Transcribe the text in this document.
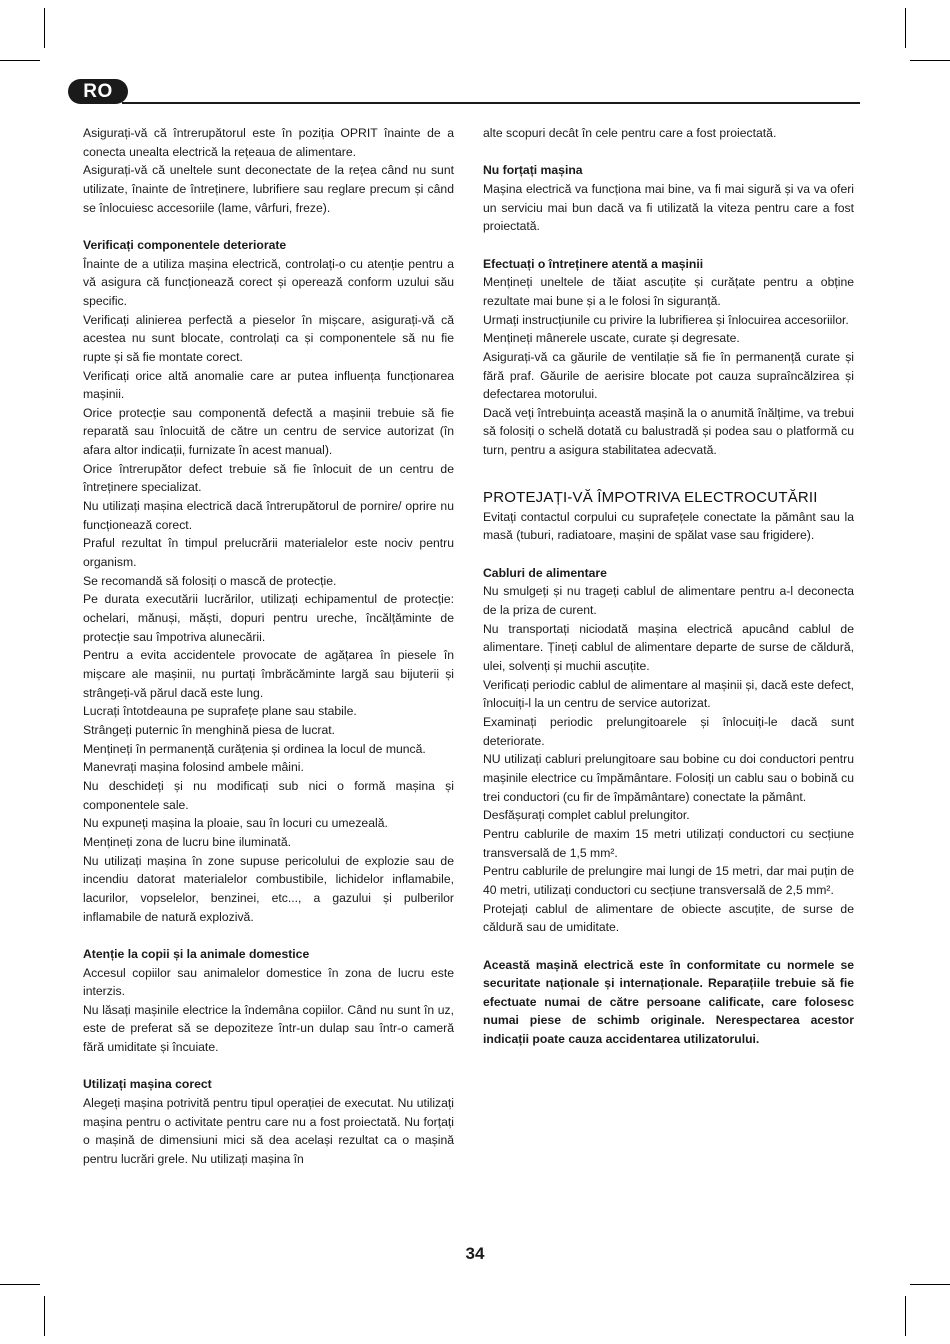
RO

Asigurați-vă că întrerupătorul este în poziția OPRIT înainte de a conecta unealta electrică la rețeaua de alimentare.

Asigurați-vă că uneltele sunt deconectate de la rețea când nu sunt utilizate, înainte de întreținere, lubrifiere sau reglare precum și când se înlocuiesc accesoriile (lame, vârfuri, freze).

Verificați componentele deteriorate

Înainte de a utiliza mașina electrică, controlați-o cu atenție pentru a vă asigura că funcționează corect și operează conform uzului său specific.

Verificați alinierea perfectă a pieselor în mișcare, asigurați-vă că acestea nu sunt blocate, controlați ca și componentele să nu fie rupte și să fie montate corect.

Verificați orice altă anomalie care ar putea influența funcționarea mașinii.

Orice protecție sau componentă defectă a mașinii trebuie să fie reparată sau înlocuită de către un centru de service autorizat (în afara altor indicații, furnizate în acest manual).

Orice întrerupător defect trebuie să fie înlocuit de un centru de întreținere specializat.

Nu utilizați mașina electrică dacă întrerupătorul de pornire/ oprire nu funcționează corect.

Praful rezultat în timpul prelucrării materialelor este nociv pentru organism.

Se recomandă să folosiți o mască de protecție.

Pe durata executării lucrărilor, utilizați echipamentul de protecție: ochelari, mănuși, măști, dopuri pentru ureche, încălțăminte de protecție sau împotriva alunecării.

Pentru a evita accidentele provocate de agățarea în piesele în mișcare ale mașinii, nu purtați îmbrăcăminte largă sau bijuterii și strângeți-vă părul dacă este lung.

Lucrați întotdeauna pe suprafețe plane sau stabile.

Strângeți puternic în menghină piesa de lucrat.

Mențineți în permanență curățenia și ordinea la locul de muncă.

Manevrați mașina folosind ambele mâini.

Nu deschideți și nu modificați sub nici o formă mașina și componentele sale.

Nu expuneți mașina la ploaie, sau în locuri cu umezeală.

Mențineți zona de lucru bine iluminată.

Nu utilizați mașina în zone supuse pericolului de explozie sau de incendiu datorat materialelor combustibile, lichidelor inflamabile, lacurilor, vopselelor, benzinei, etc..., a gazului și pulberilor inflamabile de natură explozivă.

Atenție la copii și la animale domestice

Accesul copiilor sau animalelor domestice în zona de lucru este interzis.

Nu lăsați mașinile electrice la îndemâna copiilor. Când nu sunt în uz, este de preferat să se depoziteze într-un dulap sau într-o cameră fără umiditate și încuiate.

Utilizați mașina corect

Alegeți mașina potrivită pentru tipul operației de executat. Nu utilizați mașina pentru o activitate pentru care nu a fost proiectată. Nu forțați o mașină de dimensiuni mici să dea același rezultat ca o mașină pentru lucrări grele. Nu utilizați mașina în

alte scopuri decât în cele pentru care a fost proiectată.

Nu forțați mașina

Mașina electrică va funcționa mai bine, va fi mai sigură și va va oferi un serviciu mai bun dacă va fi utilizată la viteza pentru care a fost proiectată.

Efectuați o întreținere atentă a mașinii

Mențineți uneltele de tăiat ascuțite și curățate pentru a obține rezultate mai bune și a le folosi în siguranță.

Urmați instrucțiunile cu privire la lubrifierea și înlocuirea accesoriilor.

Mențineți mânerele uscate, curate și degresate.

Asigurați-vă ca găurile de ventilație să fie în permanență curate și fără praf. Găurile de aerisire blocate pot cauza supraîncălzirea și defectarea motorului.

Dacă veți întrebuința această mașină la o anumită înălțime, va trebui să folosiți o schelă dotată cu balustradă și podea sau o platformă cu turn, pentru a asigura stabilitatea adecvată.

PROTEJAȚI-VĂ ÎMPOTRIVA ELECTROCUTĂRII

Evitați contactul corpului cu suprafețele conectate la pământ sau la masă (tuburi, radiatoare, mașini de spălat vase sau frigidere).

Cabluri de alimentare

Nu smulgeți și nu trageți cablul de alimentare pentru a-l deconecta de la priza de curent.

Nu transportați niciodată mașina electrică apucând cablul de alimentare. Țineți cablul de alimentare departe de surse de căldură, ulei, solvenți și muchii ascuțite.

Verificați periodic cablul de alimentare al mașinii și, dacă este defect, înlocuiți-l la un centru de service autorizat.

Examinați periodic prelungitoarele și înlocuiți-le dacă sunt deteriorate.

NU utilizați cabluri prelungitoare sau bobine cu doi conductori pentru mașinile electrice cu împământare. Folosiți un cablu sau o bobină cu trei conductori (cu fir de împământare) conectate la pământ.

Desfășurați complet cablul prelungitor.

Pentru cablurile de maxim 15 metri utilizați conductori cu secțiune transversală de 1,5 mm².

Pentru cablurile de prelungire mai lungi de 15 metri, dar mai puțin de 40 metri, utilizați conductori cu secțiune transversală de 2,5 mm².

Protejați cablul de alimentare de obiecte ascuțite, de surse de căldură sau de umiditate.

Această mașină electrică este în conformitate cu normele se securitate naționale și internaționale. Reparațiile trebuie să fie efectuate numai de către persoane calificate, care folosesc numai piese de schimb originale. Nerespectarea acestor indicații poate cauza accidentarea utilizatorului.

34
